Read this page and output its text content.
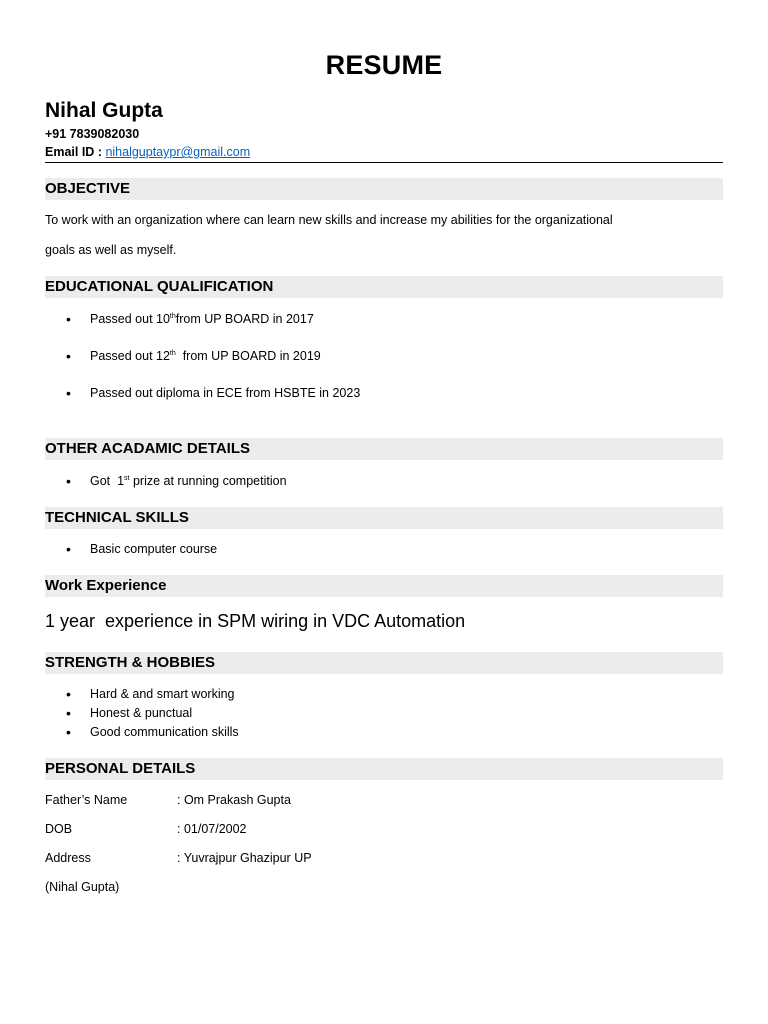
RESUME
Nihal Gupta
+91 7839082030
Email ID : nihalguptaypr@gmail.com
OBJECTIVE
To work with an organization where can learn new skills and increase my abilities for the organizational
goals as well as myself.
EDUCATIONAL QUALIFICATION
• Passed out 10thfrom UP BOARD in 2017
• Passed out 12th  from UP BOARD in 2019
• Passed out diploma in ECE from HSBTE in 2023
OTHER ACADAMIC DETAILS
• Got  1st prize at running competition
TECHNICAL SKILLS
• Basic computer course
Work Experience
1 year  experience in SPM wiring in VDC Automation
STRENGTH & HOBBIES
• Hard & and smart working
• Honest & punctual
• Good communication skills
PERSONAL DETAILS
Father’s Name	: Om Prakash Gupta
DOB	: 01/07/2002
Address	: Yuvrajpur Ghazipur UP
(Nihal Gupta)
